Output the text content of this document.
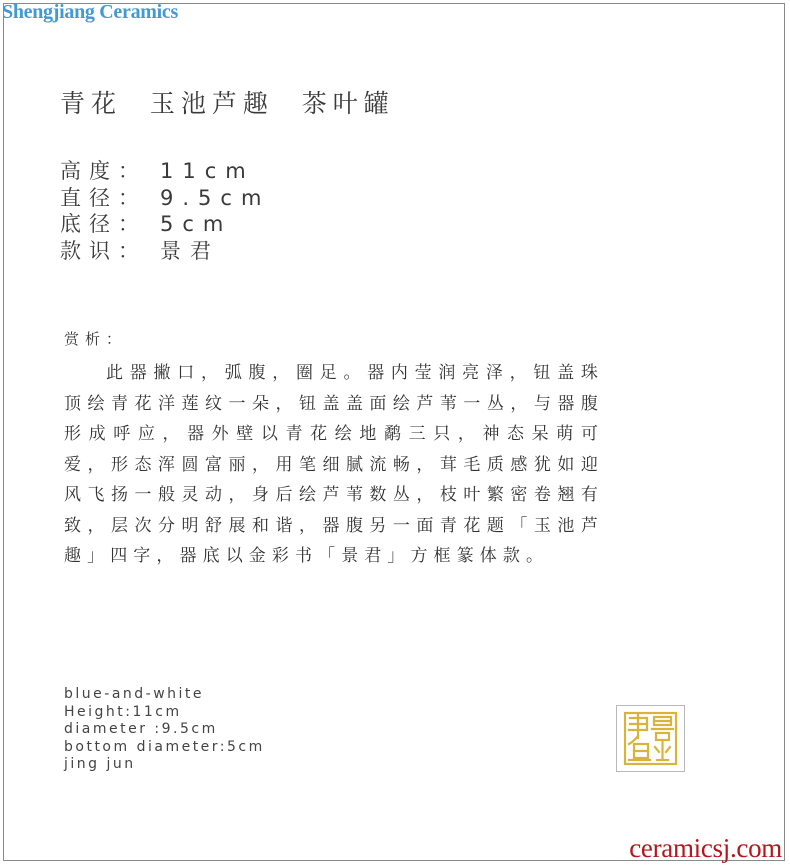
Shengjiang Ceramics
青花  玉池芦趣  茶叶罐
高度： 11cm
直径： 9.5cm
底径： 5cm
款识： 景君
赏析：
此器撇口，弧腹，圈足。器内莹润亮泽，钮盖珠顶绘青花洋莲纹一朵，钮盖盖面绘芦苇一丛，与器腹形成呼应，器外壁以青花绘地鹬三只，神态呆萌可爱，形态浑圆富丽，用笔细腻流畅，茸毛质感犹如迎风飞扬一般灵动，身后绘芦苇数丛，枝叶繁密卷翘有致，层次分明舒展和谐，器腹另一面青花题「玉池芦趣」四字，器底以金彩书「景君」方框篆体款。
blue-and-white
Height:11cm
diameter :9.5cm
bottom diameter:5cm
jing jun
ceramicsj.com
